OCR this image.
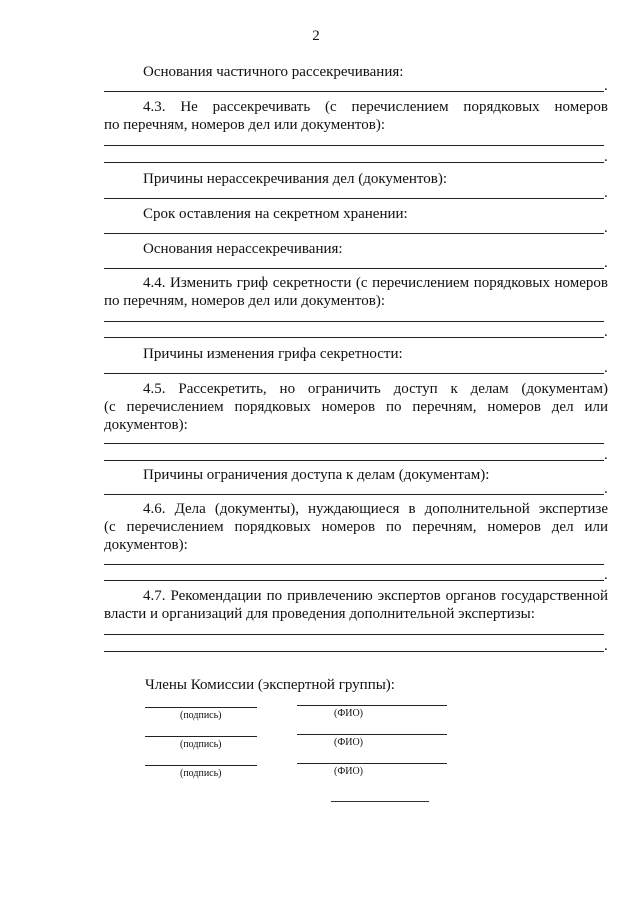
2
Основания частичного рассекречивания:
.
4.3. Не рассекречивать (с перечислением порядковых номеров
по перечням, номеров дел или документов):
.
Причины нерассекречивания дел (документов):
.
Срок оставления на секретном хранении:
.
Основания нерассекречивания:
.
4.4. Изменить гриф секретности (с перечислением порядковых номеров
по перечням, номеров дел или документов):
.
Причины изменения грифа секретности:
.
4.5. Рассекретить, но ограничить доступ к делам (документам)
(с перечислением порядковых номеров по перечням, номеров дел или
документов):
.
Причины ограничения доступа к делам (документам):
.
4.6. Дела (документы), нуждающиеся в дополнительной экспертизе
(с перечислением порядковых номеров по перечням, номеров дел или
документов):
.
4.7. Рекомендации по привлечению экспертов органов государственной
власти и организаций для проведения дополнительной экспертизы:
.
Члены Комиссии (экспертной группы):
(подпись)	(ФИО)
(подпись)	(ФИО)
(подпись)	(ФИО)
